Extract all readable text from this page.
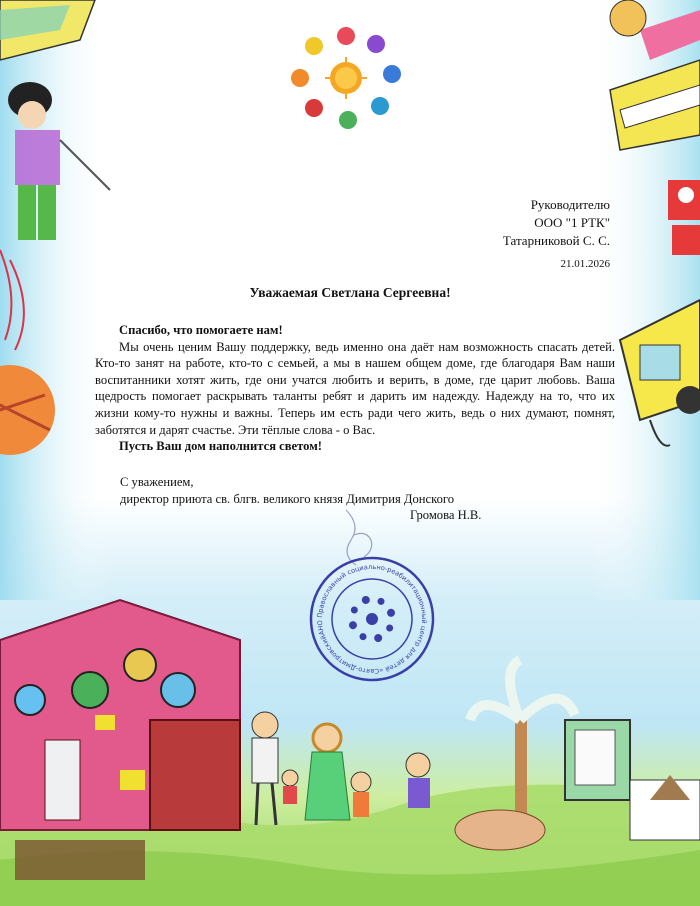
Руководителю
ООО "1 РТК"
Татарниковой С. С.
21.01.2026
Уважаемая Светлана Сергеевна!

Спасибо, что помогаете нам!

Мы очень ценим Вашу поддержку, ведь именно она даёт нам возможность спасать детей. Кто-то занят на работе, кто-то с семьей, а мы в нашем общем доме, где благодаря Вам наши воспитанники хотят жить, где они учатся любить и верить, в доме, где царит любовь. Ваша щедрость помогает раскрывать таланты ребят и дарить им надежду. Надежду на то, что их жизни кому-то нужны и важны. Теперь им есть ради чего жить, ведь о них думают, помнят, заботятся и дарят счастье. Эти тёплые слова - о Вас.

Пусть Ваш дом наполнится светом!

С уважением,
директор приюта св. блгв. великого князя Димитрия Донского
Громова Н.В.
АНО Православный социально-реабилитационный центр для детей «Свято-Дмитровский
